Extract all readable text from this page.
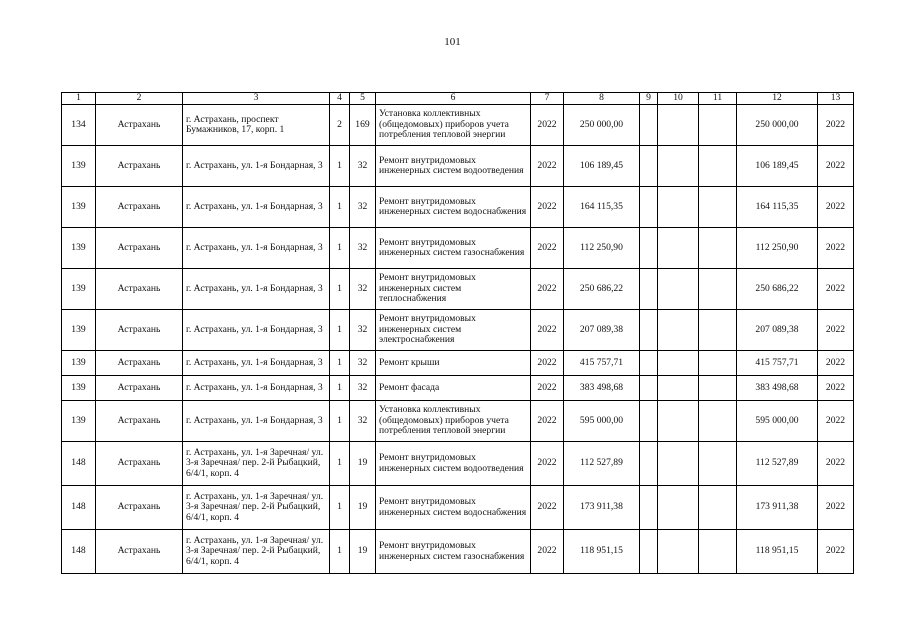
101
1	2	3	4	5	6	7	8	9	10	11	12	13
134	Астрахань	г. Астрахань, проспект Бумажников, 17, корп. 1	2	169	Установка коллективных (общедомовых) приборов учета потребления тепловой энергии	2022	250 000,00				250 000,00	2022
139	Астрахань	г. Астрахань, ул. 1-я Бондарная, 3	1	32	Ремонт внутридомовых инженерных систем водоотведения	2022	106 189,45				106 189,45	2022
139	Астрахань	г. Астрахань, ул. 1-я Бондарная, 3	1	32	Ремонт внутридомовых инженерных систем водоснабжения	2022	164 115,35				164 115,35	2022
139	Астрахань	г. Астрахань, ул. 1-я Бондарная, 3	1	32	Ремонт внутридомовых инженерных систем газоснабжения	2022	112 250,90				112 250,90	2022
139	Астрахань	г. Астрахань, ул. 1-я Бондарная, 3	1	32	Ремонт внутридомовых инженерных систем теплоснабжения	2022	250 686,22				250 686,22	2022
139	Астрахань	г. Астрахань, ул. 1-я Бондарная, 3	1	32	Ремонт внутридомовых инженерных систем электроснабжения	2022	207 089,38				207 089,38	2022
139	Астрахань	г. Астрахань, ул. 1-я Бондарная, 3	1	32	Ремонт крыши	2022	415 757,71				415 757,71	2022
139	Астрахань	г. Астрахань, ул. 1-я Бондарная, 3	1	32	Ремонт фасада	2022	383 498,68				383 498,68	2022
139	Астрахань	г. Астрахань, ул. 1-я Бондарная, 3	1	32	Установка коллективных (общедомовых) приборов учета потребления тепловой энергии	2022	595 000,00				595 000,00	2022
148	Астрахань	г. Астрахань, ул. 1-я Заречная/ ул. 3-я Заречная/ пер. 2-й Рыбацкий, 6/4/1, корп. 4	1	19	Ремонт внутридомовых инженерных систем водоотведения	2022	112 527,89				112 527,89	2022
148	Астрахань	г. Астрахань, ул. 1-я Заречная/ ул. 3-я Заречная/ пер. 2-й Рыбацкий, 6/4/1, корп. 4	1	19	Ремонт внутридомовых инженерных систем водоснабжения	2022	173 911,38				173 911,38	2022
148	Астрахань	г. Астрахань, ул. 1-я Заречная/ ул. 3-я Заречная/ пер. 2-й Рыбацкий, 6/4/1, корп. 4	1	19	Ремонт внутридомовых инженерных систем газоснабжения	2022	118 951,15				118 951,15	2022
